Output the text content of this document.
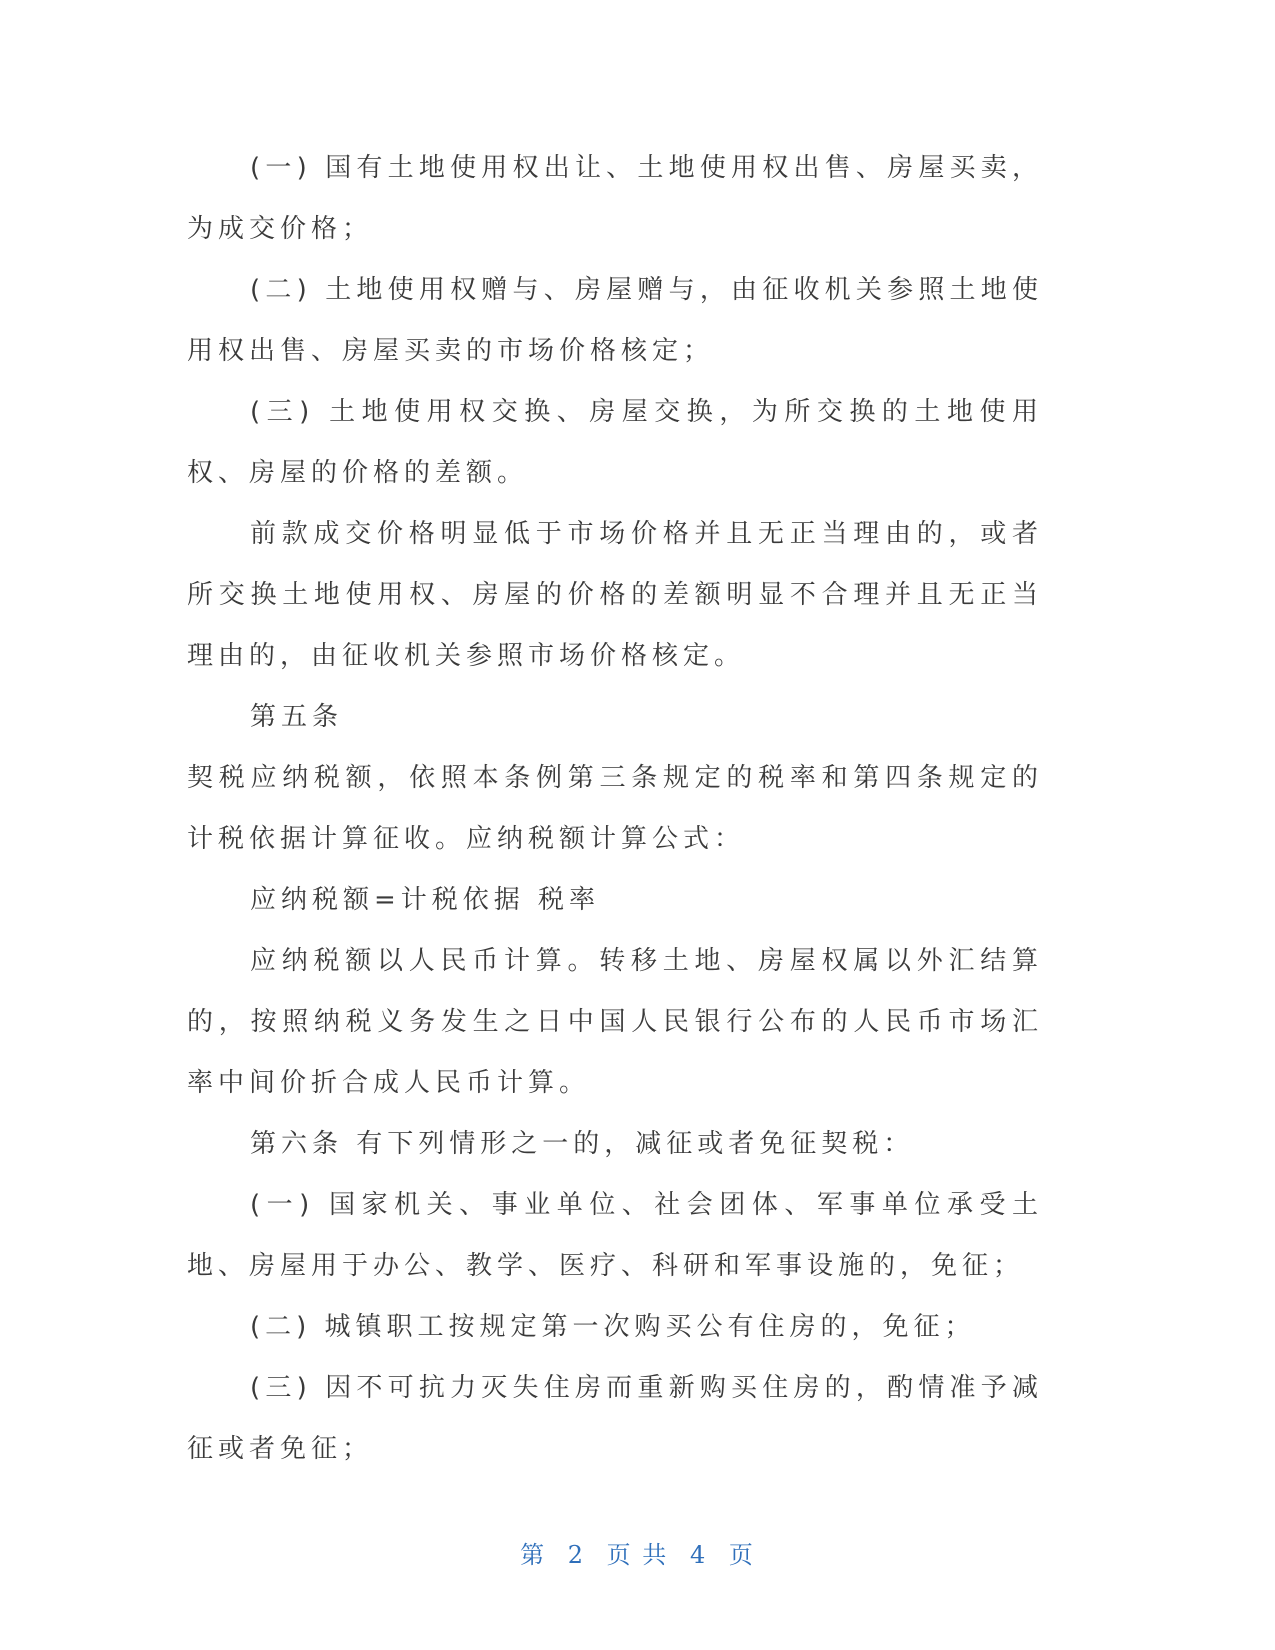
(一) 国有土地使用权出让、土地使用权出售、房屋买卖，为成交价格；

(二) 土地使用权赠与、房屋赠与，由征收机关参照土地使用权出售、房屋买卖的市场价格核定；

(三) 土地使用权交换、房屋交换，为所交换的土地使用权、房屋的价格的差额。

前款成交价格明显低于市场价格并且无正当理由的，或者所交换土地使用权、房屋的价格的差额明显不合理并且无正当理由的，由征收机关参照市场价格核定。

第五条

契税应纳税额，依照本条例第三条规定的税率和第四条规定的计税依据计算征收。应纳税额计算公式：

应纳税额=计税依据 税率

应纳税额以人民币计算。转移土地、房屋权属以外汇结算的，按照纳税义务发生之日中国人民银行公布的人民币市场汇率中间价折合成人民币计算。

第六条 有下列情形之一的，减征或者免征契税：

(一) 国家机关、事业单位、社会团体、军事单位承受土地、房屋用于办公、教学、医疗、科研和军事设施的，免征；

(二) 城镇职工按规定第一次购买公有住房的，免征；

(三) 因不可抗力灭失住房而重新购买住房的，酌情准予减征或者免征；

第 2 页 共 4 页
